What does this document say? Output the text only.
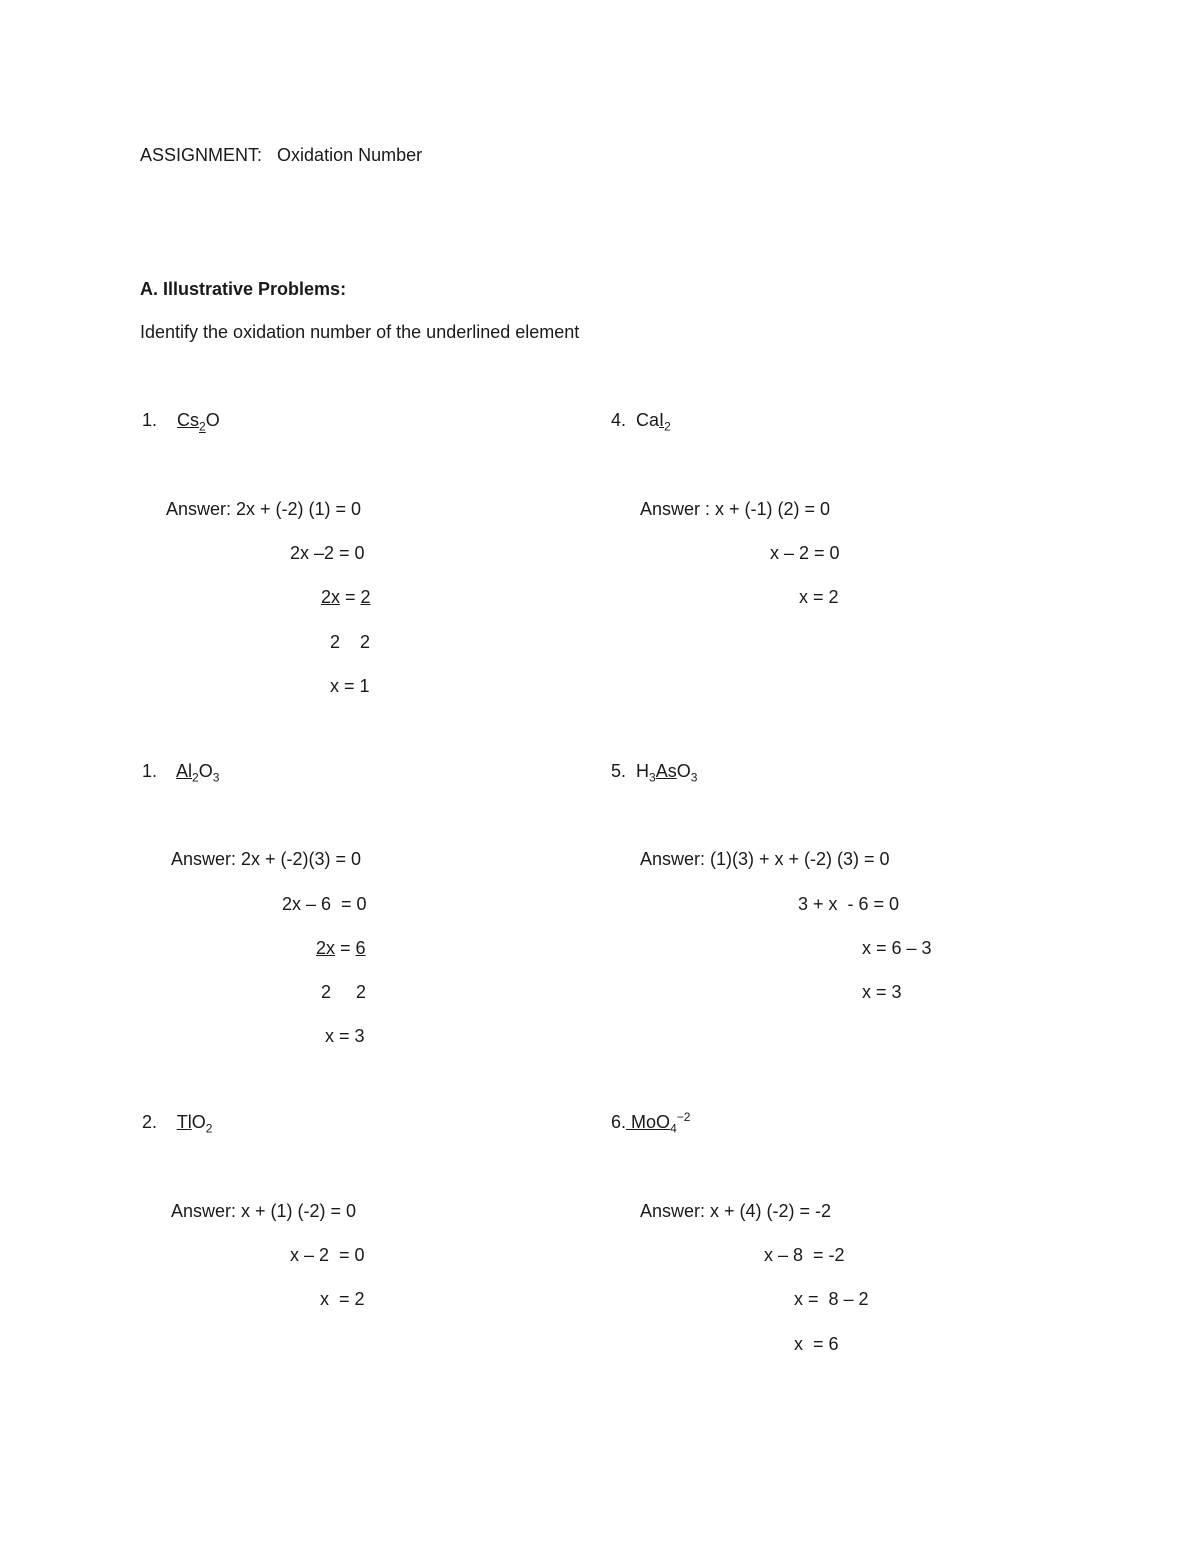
ASSIGNMENT: Oxidation Number
A. Illustrative Problems:
Identify the oxidation number of the underlined element
1. $Cs_2O$
Answer: 2x + (-2) (1) = 0
2x –2 = 0
2x = 2
2    2
x = 1
4. CaI$_2$
Answer : x + (-1) (2) = 0
x – 2 = 0
x = 2
1. $Al_2O_3$
Answer: 2x + (-2)(3) = 0
2x – 6  = 0
2x = 6
2     2
x = 3
5. $H_3AsO_3$
Answer: (1)(3) + x + (-2) (3) = 0
3 + x  - 6 = 0
x = 6 – 3
x = 3
2. TlO$_2$
Answer: x + (1) (-2) = 0
x – 2  = 0
x  = 2
6. MoO$_4^{-2}$
Answer: x + (4) (-2) = -2
x – 8  = -2
x =  8 – 2
x  = 6
